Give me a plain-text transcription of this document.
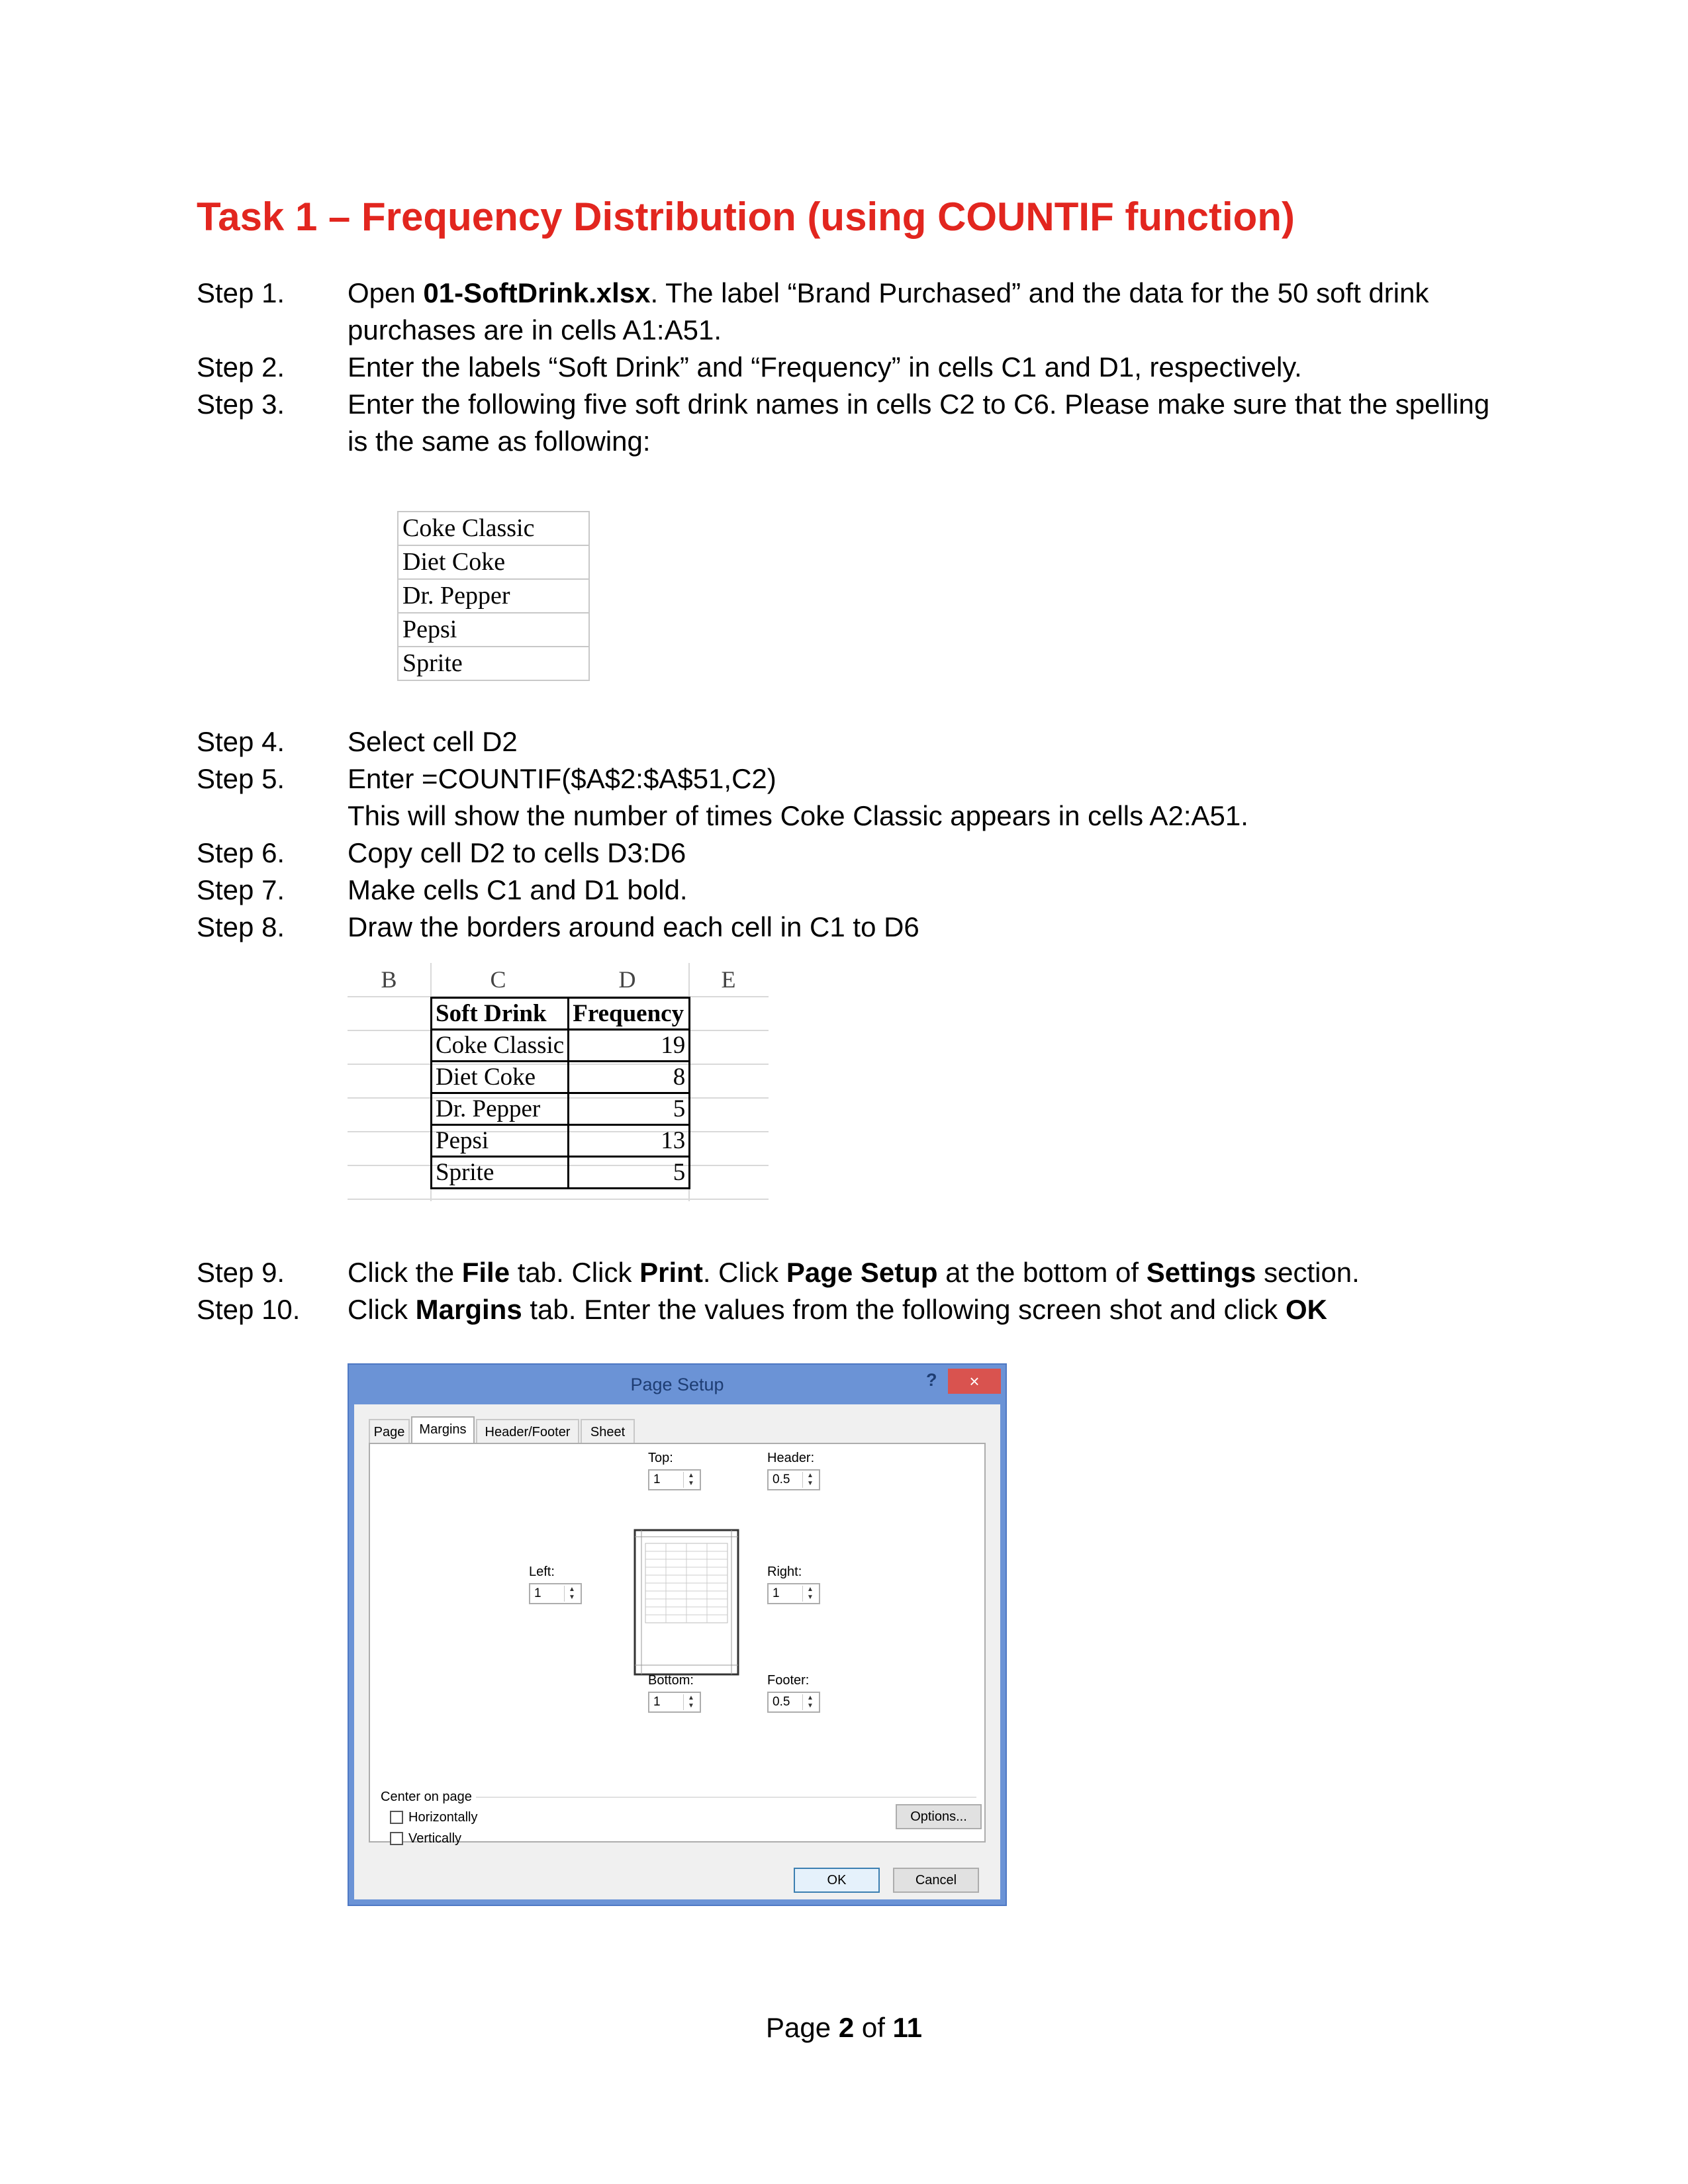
Task 1 – Frequency Distribution (using COUNTIF function)
Step 1. Open 01-SoftDrink.xlsx. The label “Brand Purchased” and the data for the 50 soft drink purchases are in cells A1:A51.
Step 2. Enter the labels “Soft Drink” and “Frequency” in cells C1 and D1, respectively.
Step 3. Enter the following five soft drink names in cells C2 to C6. Please make sure that the spelling is the same as following:
Coke Classic
Diet Coke
Dr. Pepper
Pepsi
Sprite
Step 4. Select cell D2
Step 5. Enter =COUNTIF($A$2:$A$51,C2)
This will show the number of times Coke Classic appears in cells A2:A51.
Step 6. Copy cell D2 to cells D3:D6
Step 7. Make cells C1 and D1 bold.
Step 8. Draw the borders around each cell in C1 to D6
B	C	D	E
Soft Drink	Frequency
Coke Classic	19
Diet Coke	8
Dr. Pepper	5
Pepsi	13
Sprite	5
Step 9. Click the File tab. Click Print. Click Page Setup at the bottom of Settings section.
Step 10. Click Margins tab. Enter the values from the following screen shot and click OK
Page Setup	?	×
Page	Margins	Header/Footer	Sheet
Top:
1	▲
▼
Header:
0.5	▲
▼
Left:
1	▲
▼
Right:
1	▲
▼
Bottom:
1	▲
▼
Footer:
0.5	▲
▼
Center on page
Horizontally
Vertically
Options...
OK	Cancel
Page 2 of 11
